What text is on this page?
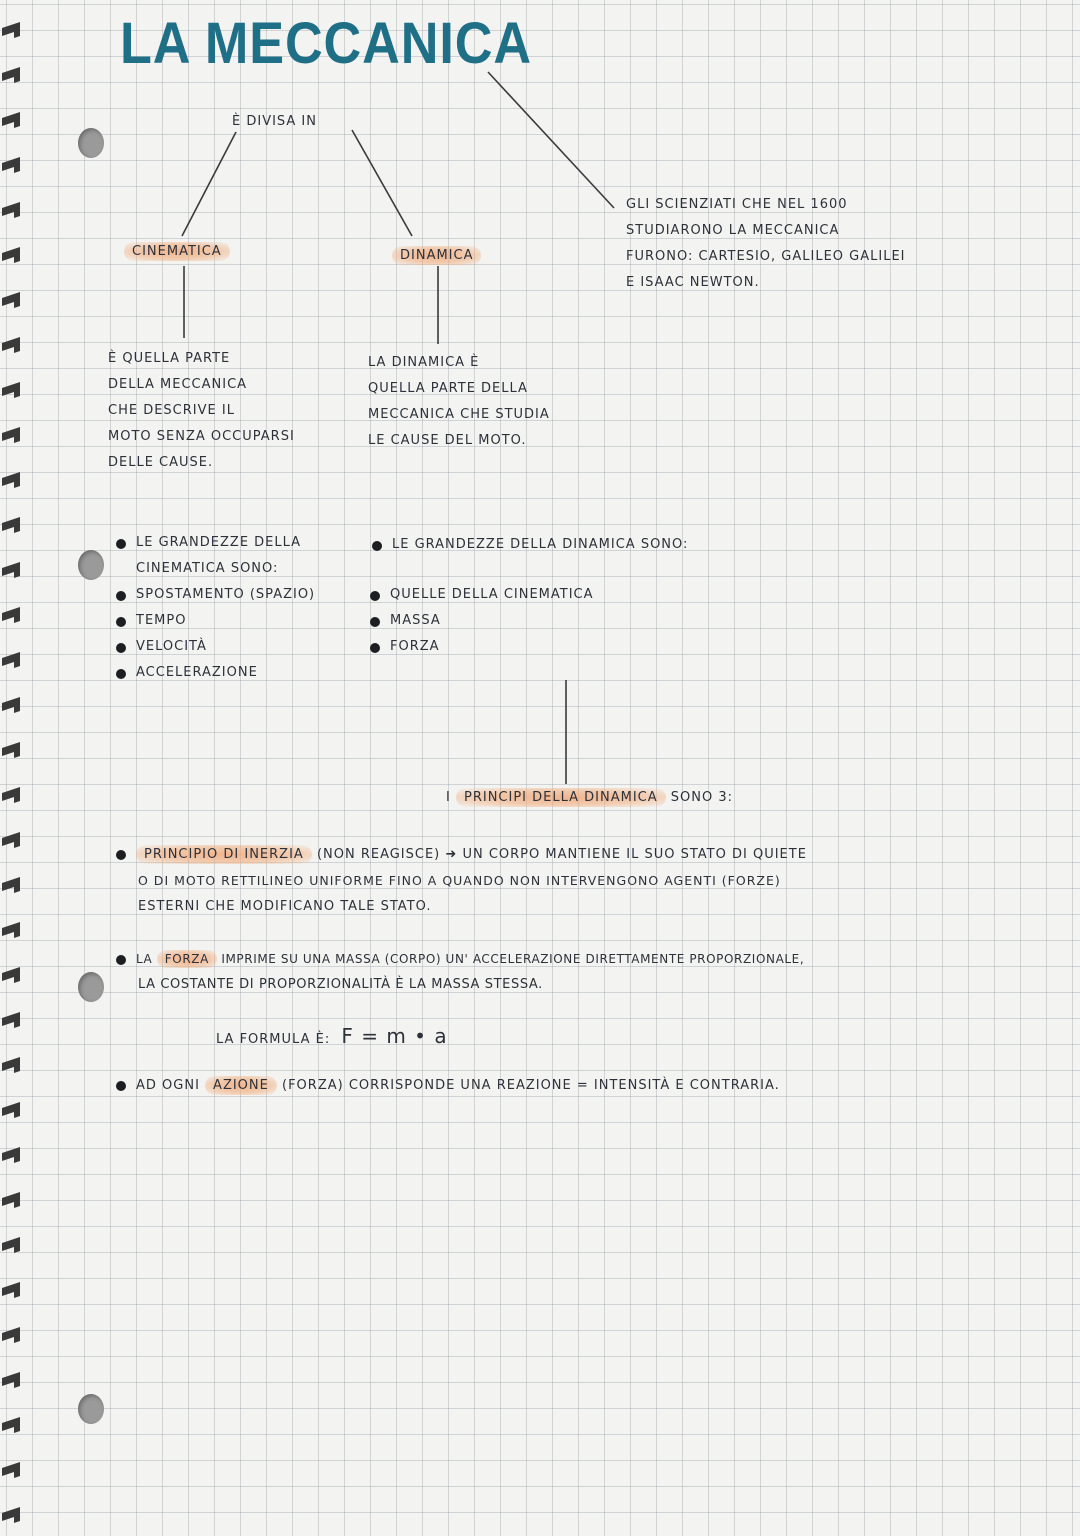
LA MECCANICA
È DIVISA IN
CINEMATICA	DINAMICA
GLI SCIENZIATI CHE NEL 1600
STUDIARONO LA MECCANICA
FURONO: CARTESIO, GALILEO GALILEI
E ISAAC NEWTON.
È QUELLA PARTE
DELLA MECCANICA
CHE DESCRIVE IL
MOTO SENZA OCCUPARSI
DELLE CAUSE.
LA DINAMICA È
QUELLA PARTE DELLA
MECCANICA CHE STUDIA
LE CAUSE DEL MOTO.
LE GRANDEZZE DELLA
CINEMATICA SONO:
SPOSTAMENTO (SPAZIO)
TEMPO
VELOCITÀ
ACCELERAZIONE
LE GRANDEZZE DELLA DINAMICA SONO:
QUELLE DELLA CINEMATICA
MASSA
FORZA
I PRINCIPI DELLA DINAMICA SONO 3:
PRINCIPIO DI INERZIA (NON REAGISCE) ➜ UN CORPO MANTIENE IL SUO STATO DI QUIETE
O DI MOTO RETTILINEO UNIFORME FINO A QUANDO NON INTERVENGONO AGENTI (FORZE)
ESTERNI CHE MODIFICANO TALE STATO.
LA FORZA IMPRIME SU UNA MASSA (CORPO) UN' ACCELERAZIONE DIRETTAMENTE PROPORZIONALE,
LA COSTANTE DI PROPORZIONALITÀ È LA MASSA STESSA.
LA FORMULA È: F = m • a
AD OGNI AZIONE (FORZA) CORRISPONDE UNA REAZIONE = INTENSITÀ E CONTRARIA.
